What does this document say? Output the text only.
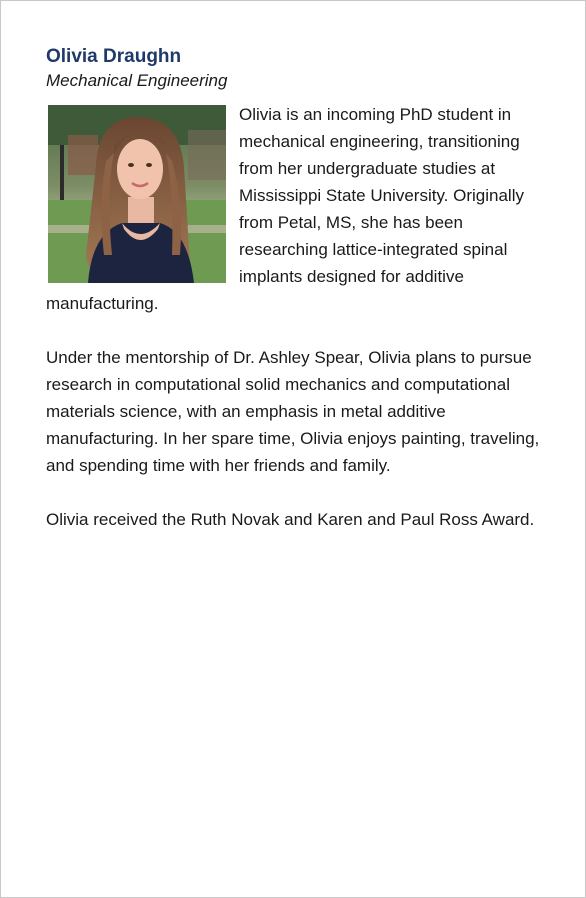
Olivia Draughn

Mechanical Engineering

Olivia is an incoming PhD student in mechanical engineering, transitioning from her undergraduate studies at Mississippi State University. Originally from Petal, MS, she has been researching lattice-integrated spinal implants designed for additive manufacturing.

Under the mentorship of Dr. Ashley Spear, Olivia plans to pursue research in computational solid mechanics and computational materials science, with an emphasis in metal additive manufacturing. In her spare time, Olivia enjoys painting, traveling, and spending time with her friends and family.

Olivia received the Ruth Novak and Karen and Paul Ross Award.
